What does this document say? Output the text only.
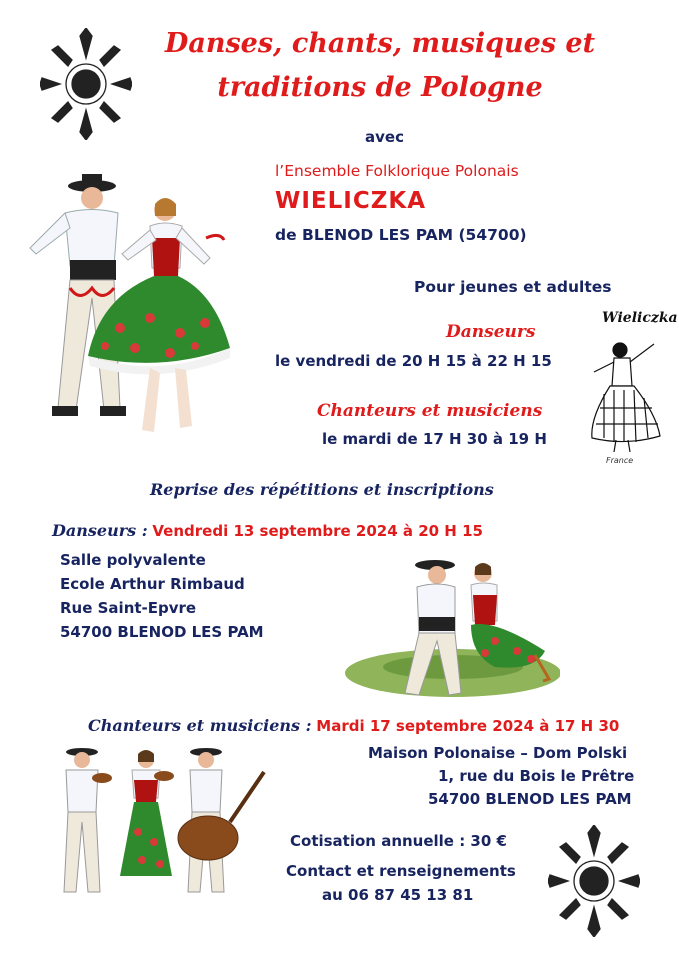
Danses, chants, musiques et
traditions de Pologne
avec
l’Ensemble Folklorique Polonais
WIELICZKA
de BLENOD LES PAM (54700)
Pour jeunes et adultes
Danseurs
le vendredi de 20 H 15 à 22 H 15
Chanteurs et musiciens
le mardi de 17 H 30 à 19 H
Wieliczka
France
Reprise des répétitions et inscriptions
Danseurs : Vendredi 13 septembre 2024 à 20 H 15
Salle polyvalente
Ecole Arthur Rimbaud
Rue Saint-Epvre
54700 BLENOD LES PAM
Chanteurs et musiciens : Mardi 17 septembre 2024 à 17 H 30
Maison Polonaise – Dom Polski
1, rue du Bois le Prêtre
54700 BLENOD LES PAM
Cotisation annuelle : 30 €
Contact et renseignements
au 06 87 45 13 81
